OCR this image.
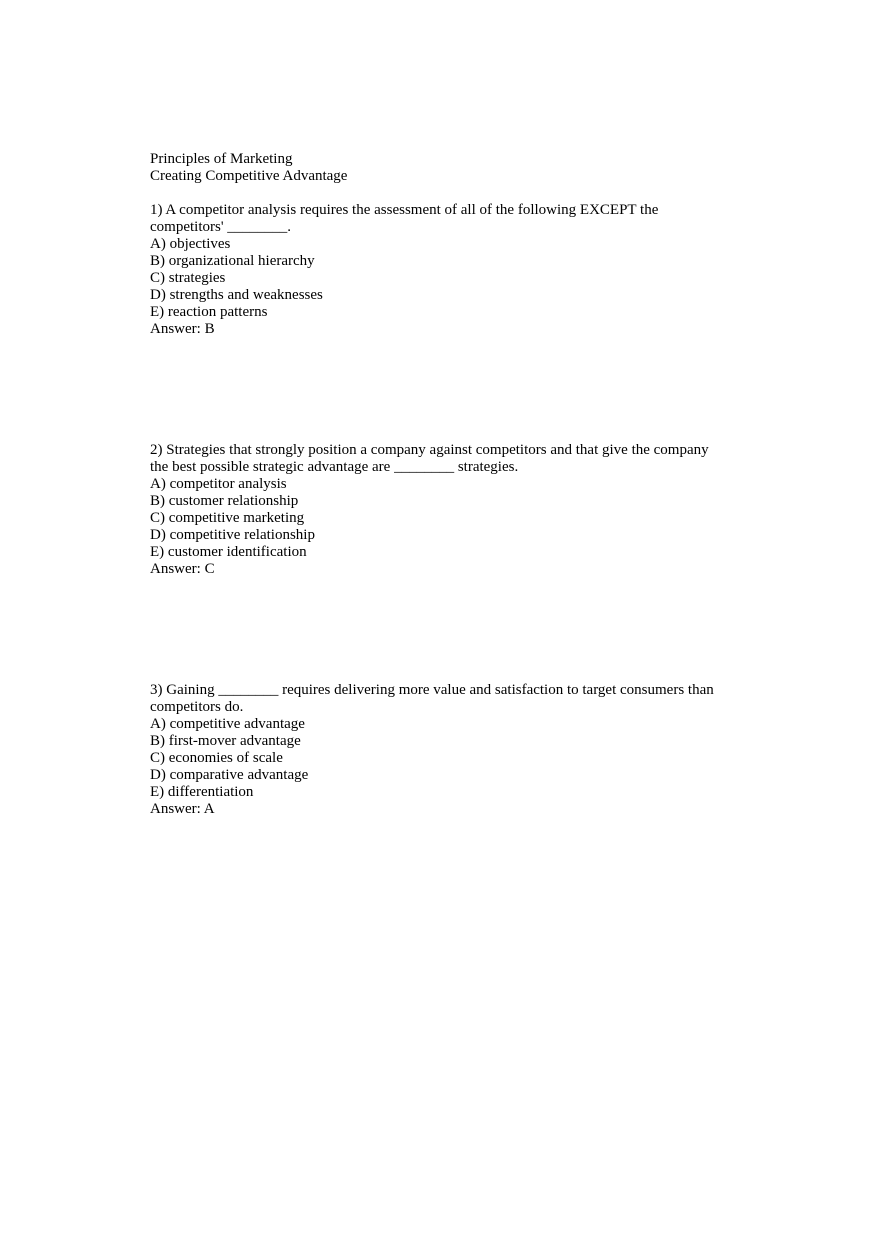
Principles of Marketing
Creating Competitive Advantage
1) A competitor analysis requires the assessment of all of the following EXCEPT the
competitors' ________.
A) objectives
B) organizational hierarchy
C) strategies
D) strengths and weaknesses
E) reaction patterns
Answer: B
2) Strategies that strongly position a company against competitors and that give the company
the best possible strategic advantage are ________ strategies.
A) competitor analysis
B) customer relationship
C) competitive marketing
D) competitive relationship
E) customer identification
Answer: C
3) Gaining ________ requires delivering more value and satisfaction to target consumers than
competitors do.
A) competitive advantage
B) first-mover advantage
C) economies of scale
D) comparative advantage
E) differentiation
Answer: A
